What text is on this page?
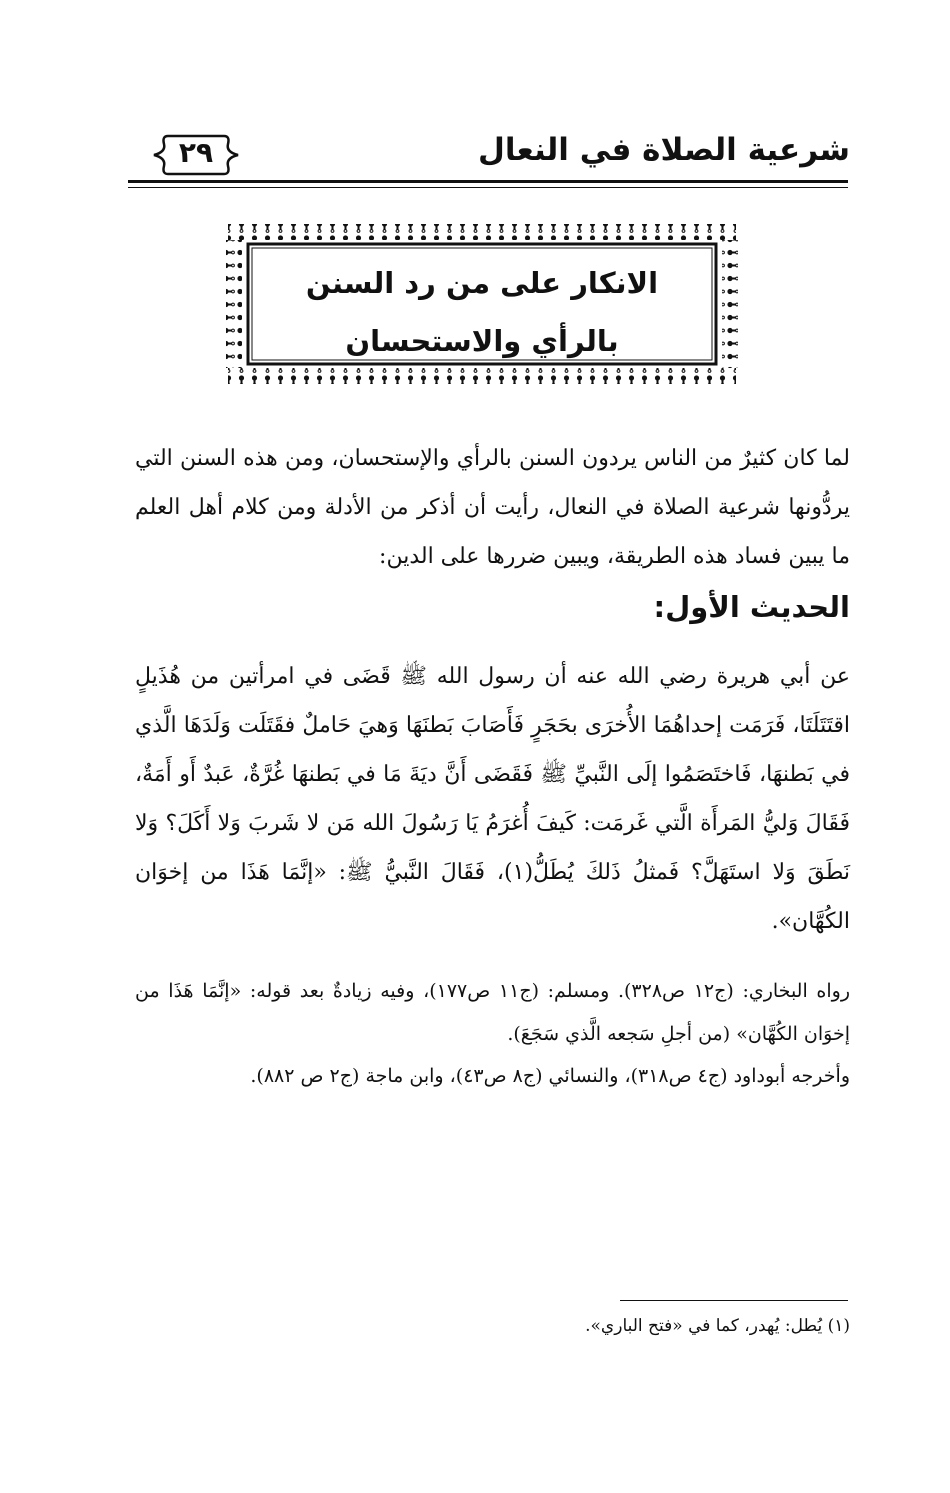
شرعية الصلاة في النعال
٢٩
الانكار على من رد السنن
بالرأي والاستحسان
لما كان كثيرٌ من الناس يردون السنن بالرأي والإستحسان، ومن هذه السنن التي يردُّونها شرعية الصلاة في النعال، رأيت أن أذكر من الأدلة ومن كلام أهل العلم ما يبين فساد هذه الطريقة، ويبين ضررها على الدين:
الحديث الأول:
عن أبي هريرة رضي الله عنه أن رسول الله ﷺ قَضَى في امرأتين من هُذَيلٍ اقتَتَلَتَا، فَرَمَت إحداهُمَا الأُخرَى بحَجَرٍ فَأَصَابَ بَطنَهَا وَهيَ حَاملٌ فقَتَلَت وَلَدَهَا الَّذي في بَطنهَا، فَاختَصَمُوا إلَى النَّبيِّ ﷺ فَقَضَى أَنَّ ديَةَ مَا في بَطنهَا غُرَّةٌ، عَبدٌ أَو أَمَةٌ، فَقَالَ وَليُّ المَرأَة الَّتي غَرمَت: كَيفَ أُغرَمُ يَا رَسُولَ الله مَن لا شَربَ وَلا أَكَلَ؟ وَلا نَطَقَ وَلا استَهَلَّ؟ فَمثلُ ذَلكَ يُطَلُّ(١)، فَقَالَ النَّبيُّ ﷺ: «إنَّمَا هَذَا من إخوَان الكُهَّان».
رواه البخاري: (ج١٢ ص٣٢٨). ومسلم: (ج١١ ص١٧٧)، وفيه زيادةٌ بعد قوله: «إنَّمَا هَذَا من إخوَان الكُهَّان» (من أجلِ سَجعه الَّذي سَجَعَ).
وأخرجه أبوداود (ج٤ ص٣١٨)، والنسائي (ج٨ ص٤٣)، وابن ماجة (ج٢ ص ٨٨٢).
(١) يُطل: يُهدر، كما في «فتح الباري».
